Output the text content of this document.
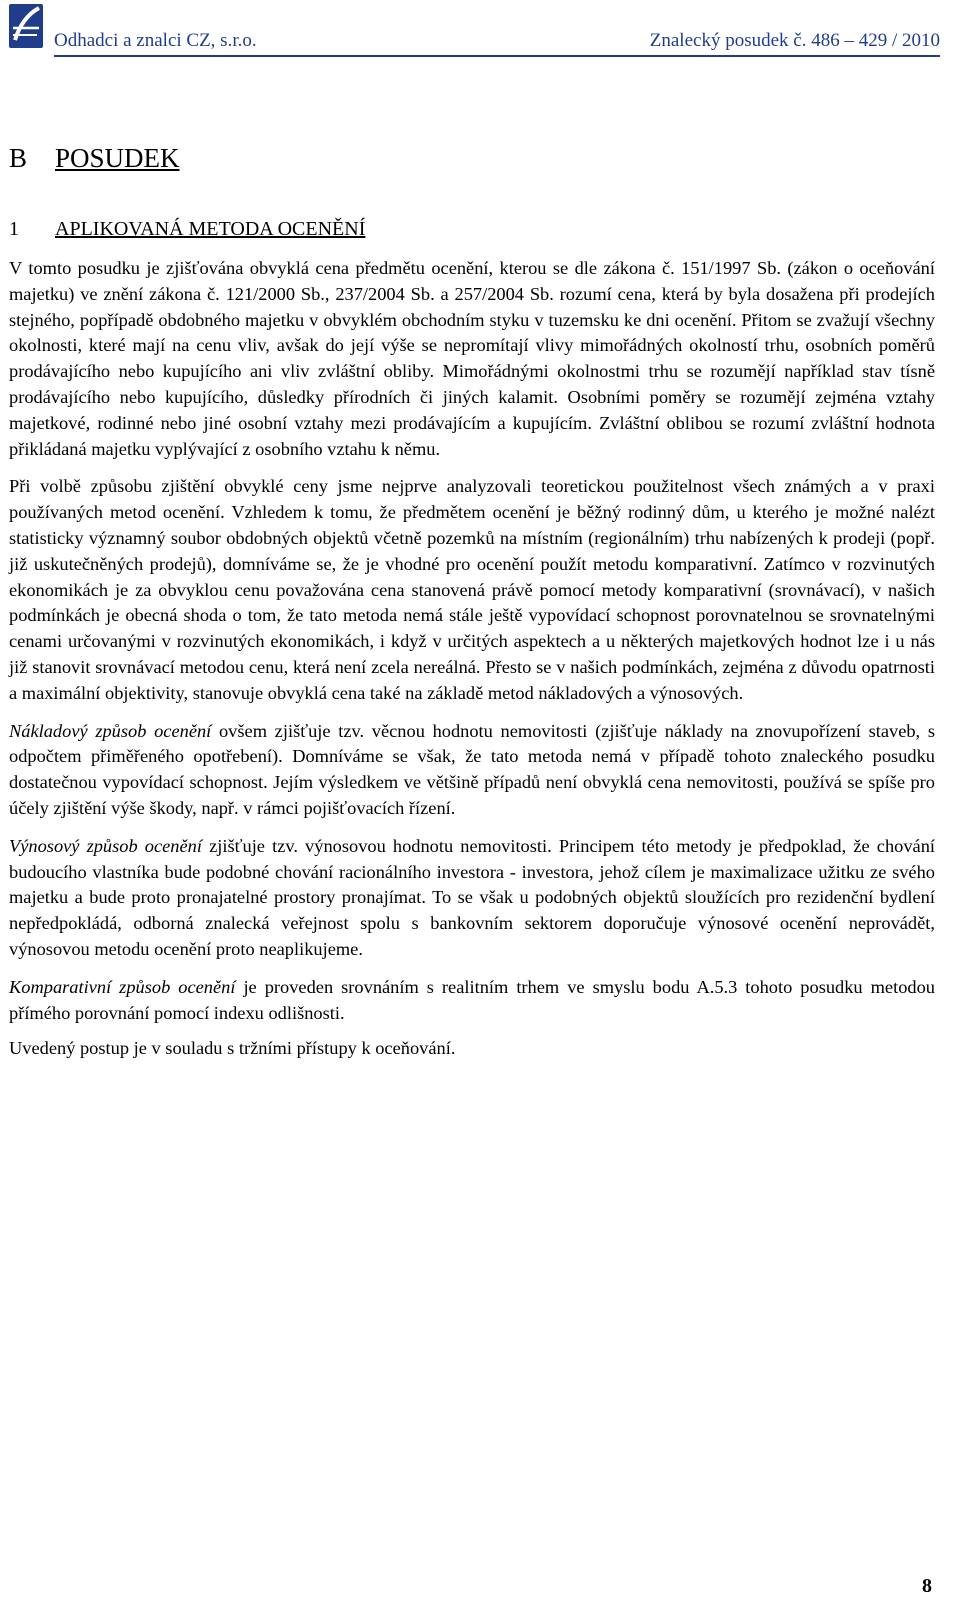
Odhadci a znalci CZ, s.r.o.	Znalecký posudek č. 486 – 429 / 2010
B	POSUDEK
1	APLIKOVANÁ METODA OCENĚNÍ

V tomto posudku je zjišťována obvyklá cena předmětu ocenění, kterou se dle zákona č. 151/1997 Sb. (zákon o oceňování majetku) ve znění zákona č. 121/2000 Sb., 237/2004 Sb. a 257/2004 Sb. rozumí cena, která by byla dosažena při prodejích stejného, popřípadě obdobného majetku v obvyklém obchodním styku v tuzemsku ke dni ocenění. Přitom se zvažují všechny okolnosti, které mají na cenu vliv, avšak do její výše se nepromítají vlivy mimořádných okolností trhu, osobních poměrů prodávajícího nebo kupujícího ani vliv zvláštní obliby. Mimořádnými okolnostmi trhu se rozumějí například stav tísně prodávajícího nebo kupujícího, důsledky přírodních či jiných kalamit. Osobními poměry se rozumějí zejména vztahy majetkové, rodinné nebo jiné osobní vztahy mezi prodávajícím a kupujícím. Zvláštní oblibou se rozumí zvláštní hodnota přikládaná majetku vyplývající z osobního vztahu k němu.

Při volbě způsobu zjištění obvyklé ceny jsme nejprve analyzovali teoretickou použitelnost všech známých a v praxi používaných metod ocenění. Vzhledem k tomu, že předmětem ocenění je běžný rodinný dům, u kterého je možné nalézt statisticky významný soubor obdobných objektů včetně pozemků na místním (regionálním) trhu nabízených k prodeji (popř. již uskutečněných prodejů), domníváme se, že je vhodné pro ocenění použít metodu komparativní. Zatímco v rozvinutých ekonomikách je za obvyklou cenu považována cena stanovená právě pomocí metody komparativní (srovnávací), v našich podmínkách je obecná shoda o tom, že tato metoda nemá stále ještě vypovídací schopnost porovnatelnou se srovnatelnými cenami určovanými v rozvinutých ekonomikách, i když v určitých aspektech a u některých majetkových hodnot lze i u nás již stanovit srovnávací metodou cenu, která není zcela nereálná. Přesto se v našich podmínkách, zejména z důvodu opatrnosti a maximální objektivity, stanovuje obvyklá cena také na základě metod nákladových a výnosových.

Nákladový způsob ocenění ovšem zjišťuje tzv. věcnou hodnotu nemovitosti (zjišťuje náklady na znovupořízení staveb, s odpočtem přiměřeného opotřebení). Domníváme se však, že tato metoda nemá v případě tohoto znaleckého posudku dostatečnou vypovídací schopnost. Jejím výsledkem ve většině případů není obvyklá cena nemovitosti, používá se spíše pro účely zjištění výše škody, např. v rámci pojišťovacích řízení.

Výnosový způsob ocenění zjišťuje tzv. výnosovou hodnotu nemovitosti. Principem této metody je předpoklad, že chování budoucího vlastníka bude podobné chování racionálního investora - investora, jehož cílem je maximalizace užitku ze svého majetku a bude proto pronajatelné prostory pronajímat. To se však u podobných objektů sloužících pro rezidenční bydlení nepředpokládá, odborná znalecká veřejnost spolu s bankovním sektorem doporučuje výnosové ocenění neprovádět, výnosovou metodu ocenění proto neaplikujeme.

Komparativní způsob ocenění je proveden srovnáním s realitním trhem ve smyslu bodu A.5.3 tohoto posudku metodou přímého porovnání pomocí indexu odlišnosti.

Uvedený postup je v souladu s tržními přístupy k oceňování.

8
